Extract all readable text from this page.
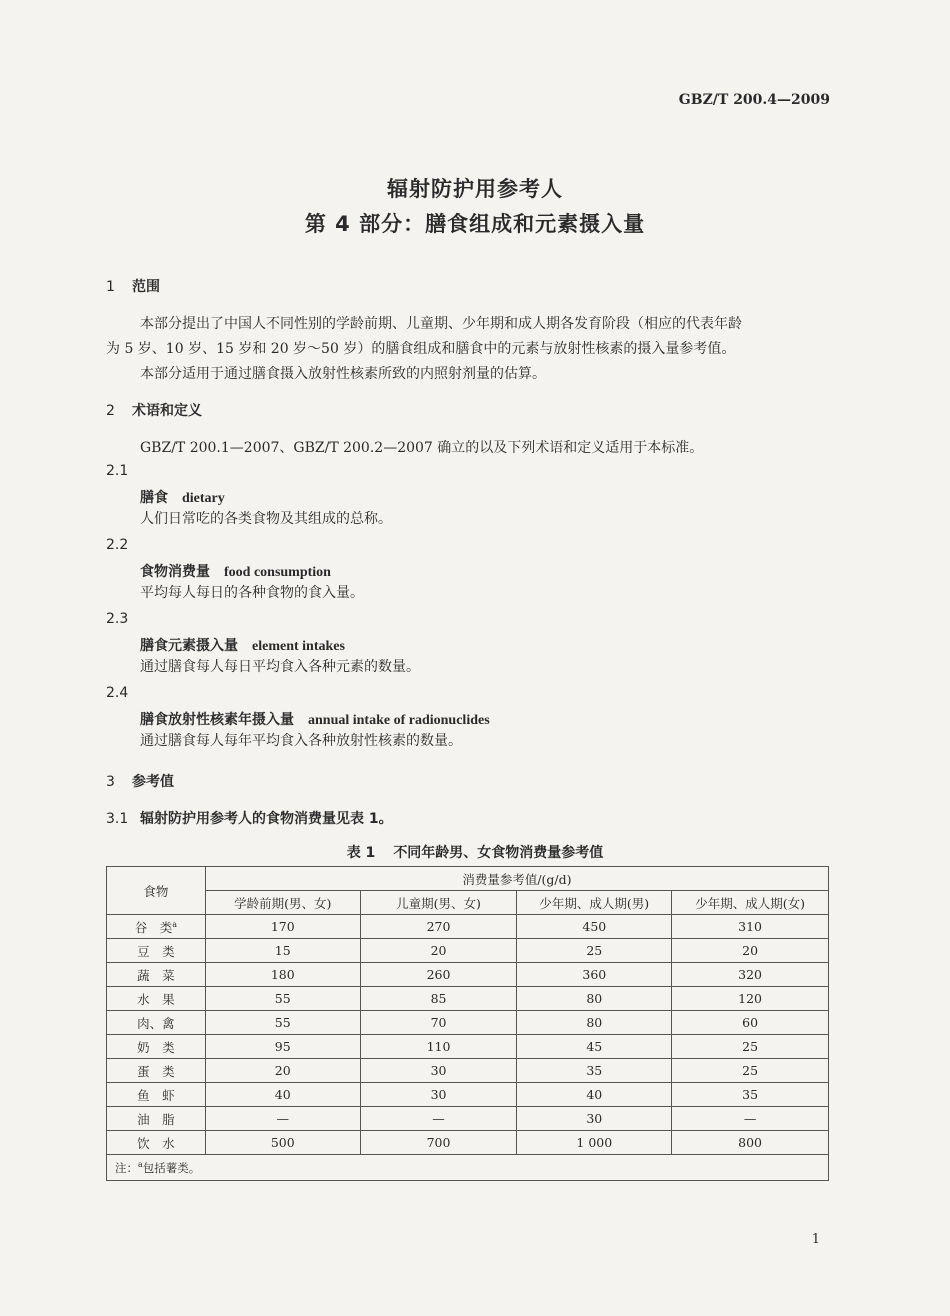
GBZ/T 200.4—2009
辐射防护用参考人
第 4 部分：膳食组成和元素摄入量
1 范围
本部分提出了中国人不同性别的学龄前期、儿童期、少年期和成人期各发育阶段（相应的代表年龄
为 5 岁、10 岁、15 岁和 20 岁～50 岁）的膳食组成和膳食中的元素与放射性核素的摄入量参考值。
本部分适用于通过膳食摄入放射性核素所致的内照射剂量的估算。
2 术语和定义
GBZ/T 200.1—2007、GBZ/T 200.2—2007 确立的以及下列术语和定义适用于本标准。
2.1
膳食 dietary
人们日常吃的各类食物及其组成的总称。
2.2
食物消费量 food consumption
平均每人每日的各种食物的食入量。
2.3
膳食元素摄入量 element intakes
通过膳食每人每日平均食入各种元素的数量。
2.4
膳食放射性核素年摄入量 annual intake of radionuclides
通过膳食每人每年平均食入各种放射性核素的数量。
3 参考值
3.1 辐射防护用参考人的食物消费量见表 1。
表 1 不同年龄男、女食物消费量参考值
食物	消费量参考值/(g/d)			
	学龄前期(男、女)	儿童期(男、女)	少年期、成人期(男)	少年期、成人期(女)
谷　类$^a$	170	270	450	310
豆　类	15	20	25	20
蔬　菜	180	260	360	320
水　果	55	85	80	120
肉、禽	55	70	80	60
奶　类	95	110	45	25
蛋　类	20	30	35	25
鱼　虾	40	30	40	35
油　脂	—	—	30	—
饮　水	500	700	1 000	800
注：$^a$包括薯类。				
1
